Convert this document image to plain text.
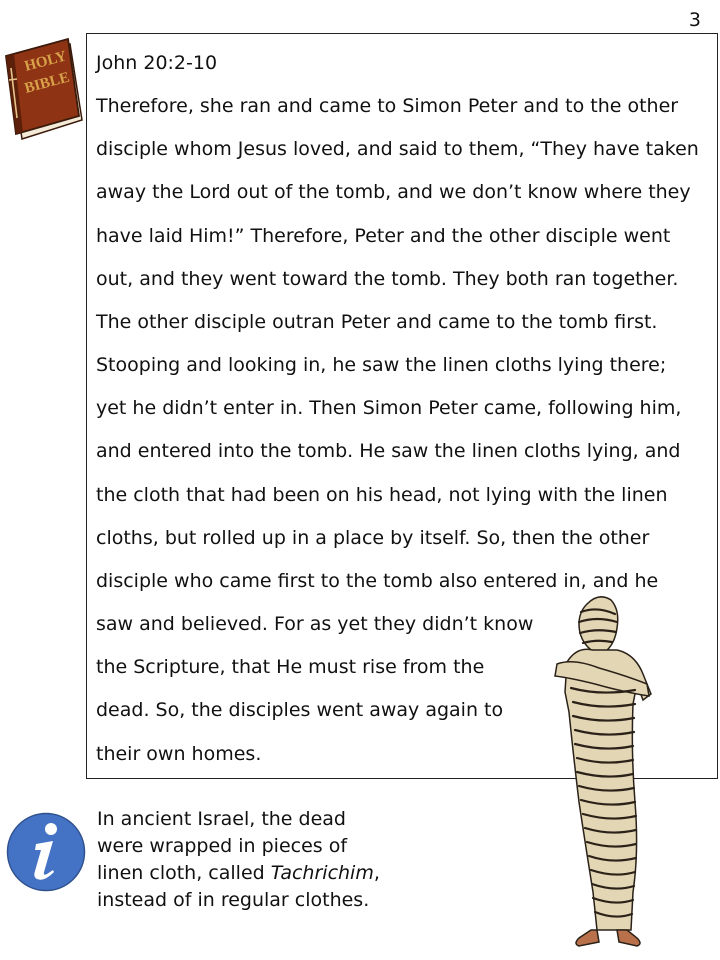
3
HOLY
BIBLE
John 20:2-10
Therefore, she ran and came to Simon Peter and to the other
disciple whom Jesus loved, and said to them, “They have taken
away the Lord out of the tomb, and we don’t know where they
have laid Him!” Therefore, Peter and the other disciple went
out, and they went toward the tomb. They both ran together.
The other disciple outran Peter and came to the tomb first.
Stooping and looking in, he saw the linen cloths lying there;
yet he didn’t enter in. Then Simon Peter came, following him,
and entered into the tomb. He saw the linen cloths lying, and
the cloth that had been on his head, not lying with the linen
cloths, but rolled up in a place by itself. So, then the other
disciple who came first to the tomb also entered in, and he
saw and believed. For as yet they didn’t know
the Scripture, that He must rise from the
dead. So, the disciples went away again to
their own homes.
In ancient Israel, the dead
were wrapped in pieces of
linen cloth, called Tachrichim,
instead of in regular clothes.
